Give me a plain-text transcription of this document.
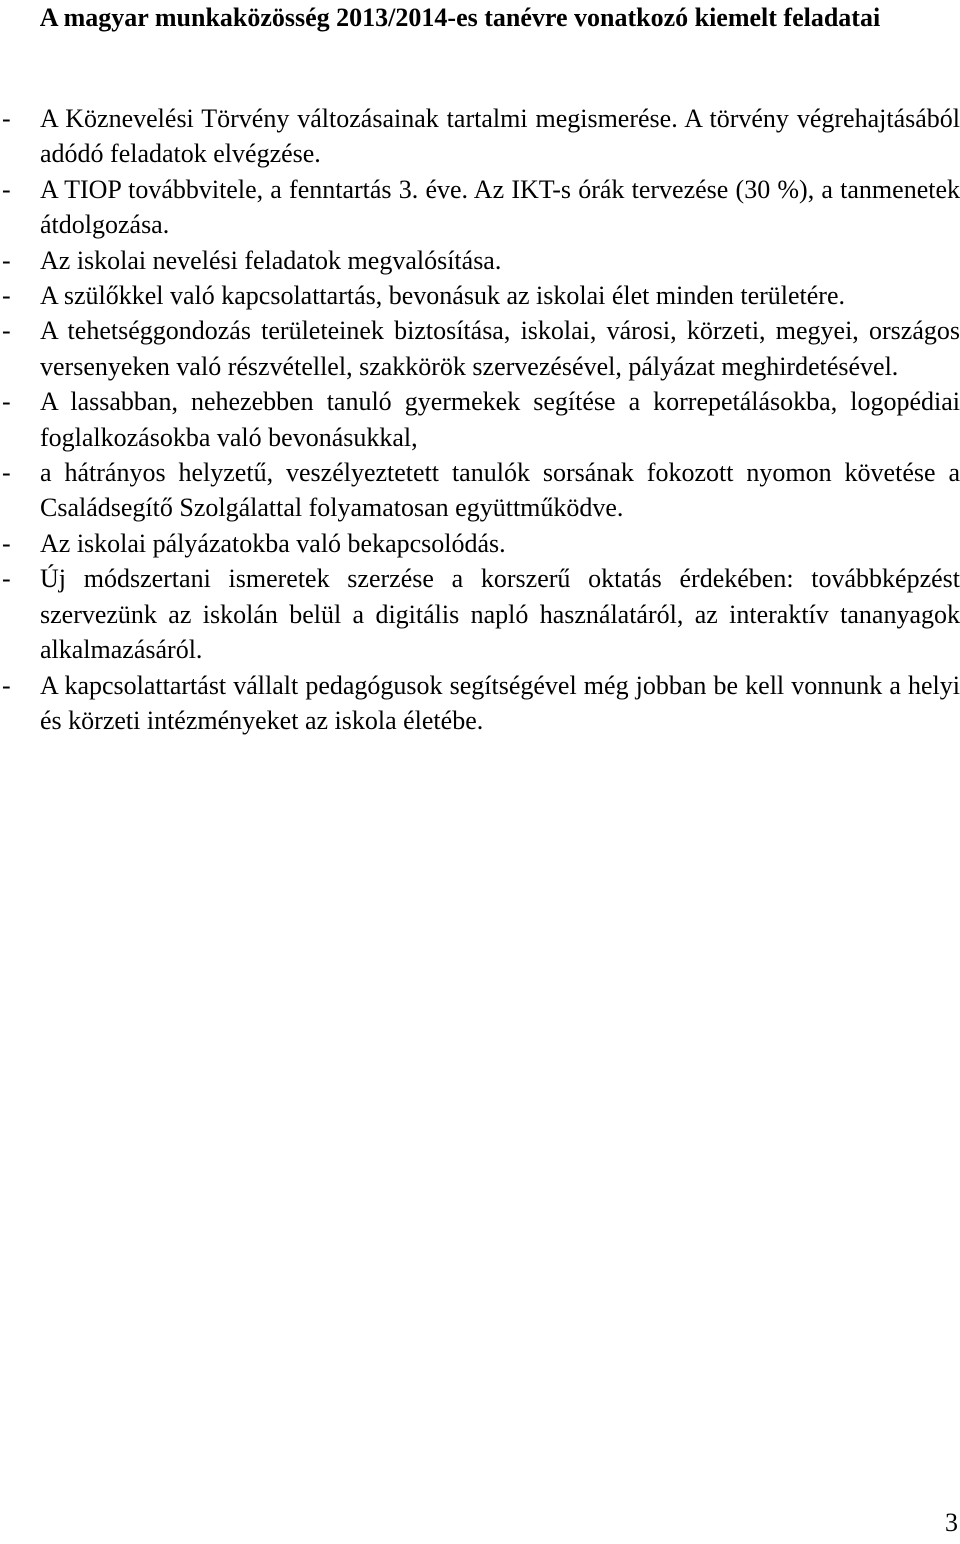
A magyar munkaközösség 2013/2014-es tanévre vonatkozó kiemelt feladatai
- A Köznevelési Törvény változásainak tartalmi megismerése. A törvény végrehajtásából adódó feladatok elvégzése.
- A TIOP továbbvitele, a fenntartás 3. éve. Az IKT-s órák tervezése (30 %), a tanmenetek átdolgozása.
- Az iskolai nevelési feladatok megvalósítása.
- A szülőkkel való kapcsolattartás, bevonásuk az iskolai élet minden területére.
- A tehetséggondozás területeinek biztosítása, iskolai, városi, körzeti, megyei, országos versenyeken való részvétellel, szakkörök szervezésével, pályázat meghirdetésével.
- A lassabban, nehezebben tanuló gyermekek segítése a korrepetálásokba, logopédiai foglalkozásokba való bevonásukkal,
- a hátrányos helyzetű, veszélyeztetett tanulók sorsának fokozott nyomon követése a Családsegítő Szolgálattal folyamatosan együttműködve.
- Az iskolai pályázatokba való bekapcsolódás.
- Új módszertani ismeretek szerzése a korszerű oktatás érdekében: továbbképzést szervezünk az iskolán belül a digitális napló használatáról, az interaktív tananyagok alkalmazásáról.
- A kapcsolattartást vállalt pedagógusok segítségével még jobban be kell vonnunk a helyi és körzeti intézményeket az iskola életébe.
3
